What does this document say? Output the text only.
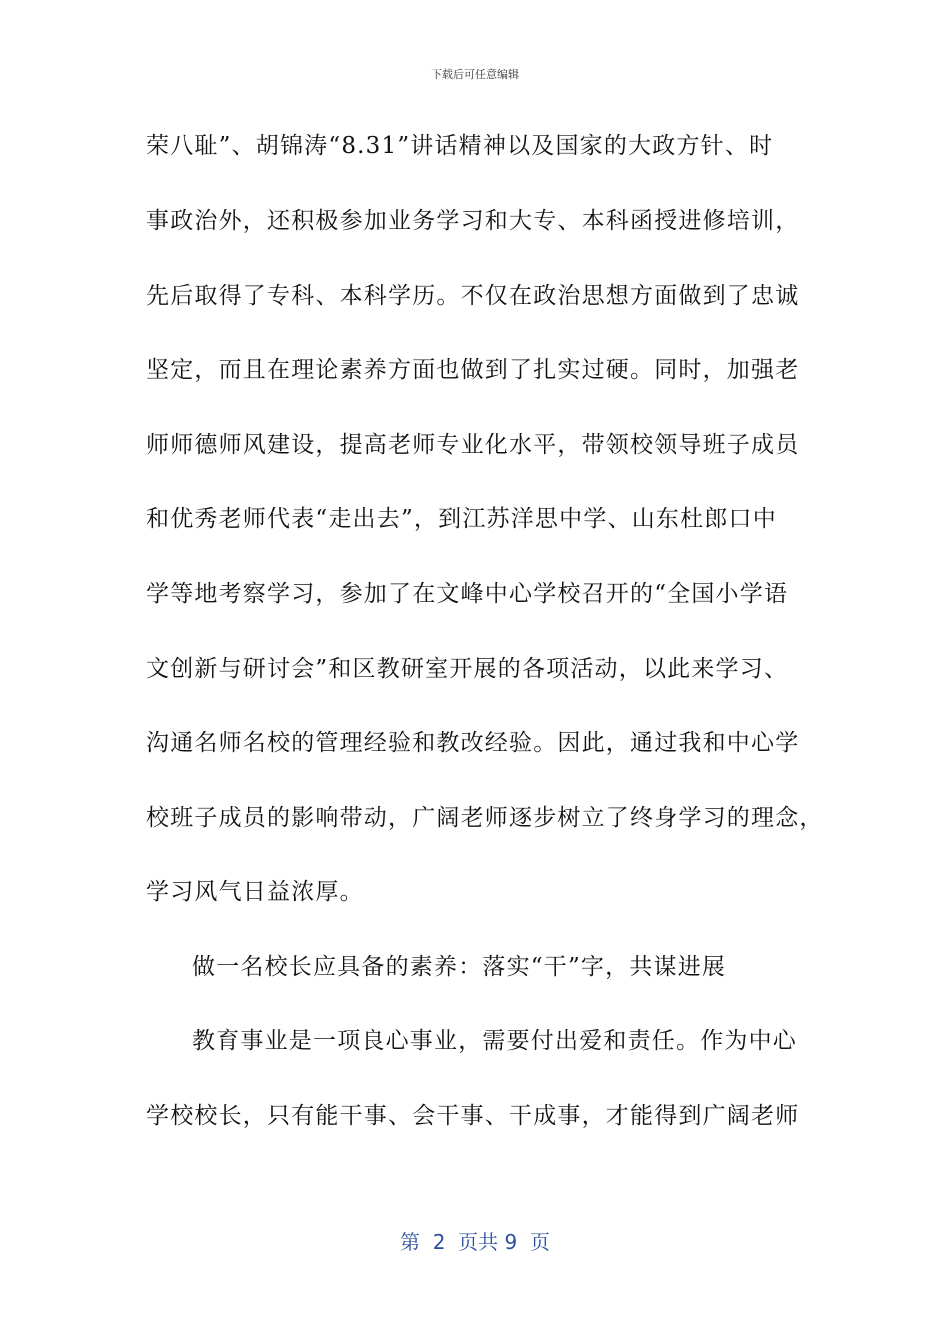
下载后可任意编辑
荣八耻”、胡锦涛“8.31”讲话精神以及国家的大政方针、时
事政治外，还积极参加业务学习和大专、本科函授进修培训，
先后取得了专科、本科学历。不仅在政治思想方面做到了忠诚
坚定，而且在理论素养方面也做到了扎实过硬。同时，加强老
师师德师风建设，提高老师专业化水平，带领校领导班子成员
和优秀老师代表“走出去”，到江苏洋思中学、山东杜郎口中
学等地考察学习，参加了在文峰中心学校召开的“全国小学语
文创新与研讨会”和区教研室开展的各项活动，以此来学习、
沟通名师名校的管理经验和教改经验。因此，通过我和中心学
校班子成员的影响带动，广阔老师逐步树立了终身学习的理念，
学习风气日益浓厚。
做一名校长应具备的素养：落实“干”字，共谋进展
教育事业是一项良心事业，需要付出爱和责任。作为中心
学校校长，只有能干事、会干事、干成事，才能得到广阔老师
第  2  页共 9  页
